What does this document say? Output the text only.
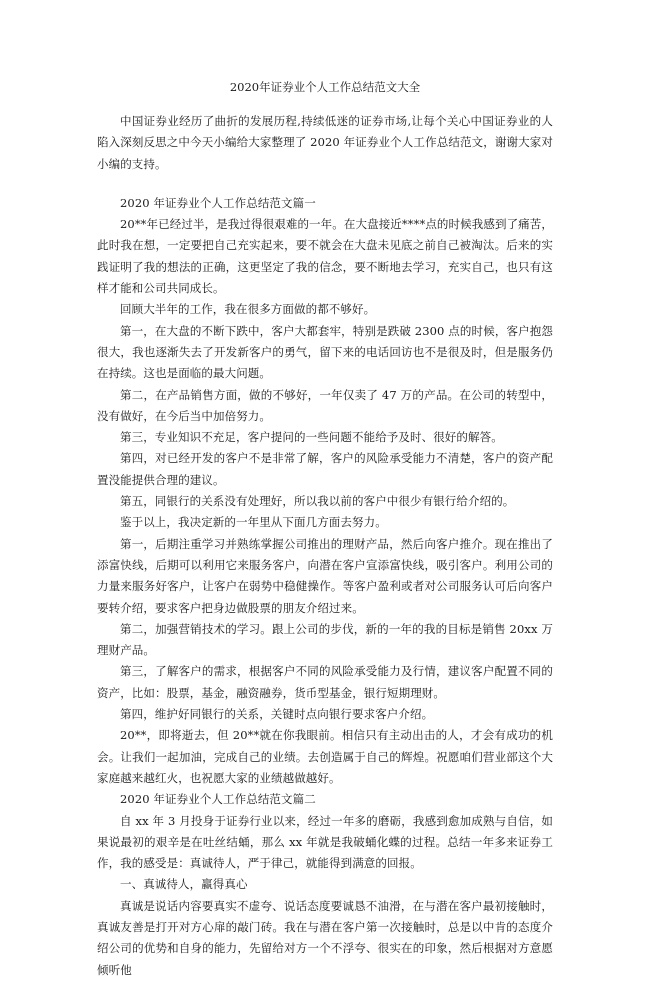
2020年证券业个人工作总结范文大全

中国证券业经历了曲折的发展历程,持续低迷的证券市场,让每个关心中国证券业的人陷入深刻反思之中今天小编给大家整理了 2020 年证券业个人工作总结范文，谢谢大家对小编的支持。

2020 年证券业个人工作总结范文篇一

20**年已经过半，是我过得很艰难的一年。在大盘接近****点的时候我感到了痛苦，此时我在想，一定要把自己充实起来，要不就会在大盘未见底之前自己被淘汰。后来的实践证明了我的想法的正确，这更坚定了我的信念，要不断地去学习，充实自己，也只有这样才能和公司共同成长。

回顾大半年的工作，我在很多方面做的都不够好。

第一，在大盘的不断下跌中，客户大都套牢，特别是跌破 2300 点的时候，客户抱怨很大，我也逐渐失去了开发新客户的勇气，留下来的电话回访也不是很及时，但是服务仍在持续。这也是面临的最大问题。

第二，在产品销售方面，做的不够好，一年仅卖了 47 万的产品。在公司的转型中，没有做好，在今后当中加倍努力。

第三，专业知识不充足，客户提问的一些问题不能给予及时、很好的解答。

第四，对已经开发的客户不是非常了解，客户的风险承受能力不清楚，客户的资产配置没能提供合理的建议。

第五，同银行的关系没有处理好，所以我以前的客户中很少有银行给介绍的。

鉴于以上，我决定新的一年里从下面几方面去努力。

第一，后期注重学习并熟练掌握公司推出的理财产品，然后向客户推介。现在推出了添富快线，后期可以利用它来服务客户，向潜在客户宣添富快线，吸引客户。利用公司的力量来服务好客户，让客户在弱势中稳健操作。等客户盈利或者对公司服务认可后向客户要转介绍，要求客户把身边做股票的朋友介绍过来。

第二，加强营销技术的学习。跟上公司的步伐，新的一年的我的目标是销售 20xx 万理财产品。

第三，了解客户的需求，根据客户不同的风险承受能力及行情，建议客户配置不同的资产，比如：股票，基金，融资融券，货币型基金，银行短期理财。

第四，维护好同银行的关系，关键时点向银行要求客户介绍。

20**，即将逝去，但 20**就在你我眼前。相信只有主动出击的人，才会有成功的机会。让我们一起加油，完成自己的业绩。去创造属于自己的辉煌。祝愿咱们营业部这个大家庭越来越红火，也祝愿大家的业绩越做越好。

2020 年证券业个人工作总结范文篇二

自 xx 年 3 月投身于证券行业以来，经过一年多的磨砺，我感到愈加成熟与自信，如果说最初的艰辛是在吐丝结蛹，那么 xx 年就是我破蛹化蝶的过程。总结一年多来证券工作，我的感受是：真诚待人，严于律己，就能得到满意的回报。

一、真诚待人，赢得真心

真诚是说话内容要真实不虚夸、说话态度要诚恳不油滑，在与潜在客户最初接触时，真诚友善是打开对方心扉的敲门砖。我在与潜在客户第一次接触时，总是以中肯的态度介绍公司的优势和自身的能力，先留给对方一个不浮夸、很实在的印象，然后根据对方意愿倾听他
